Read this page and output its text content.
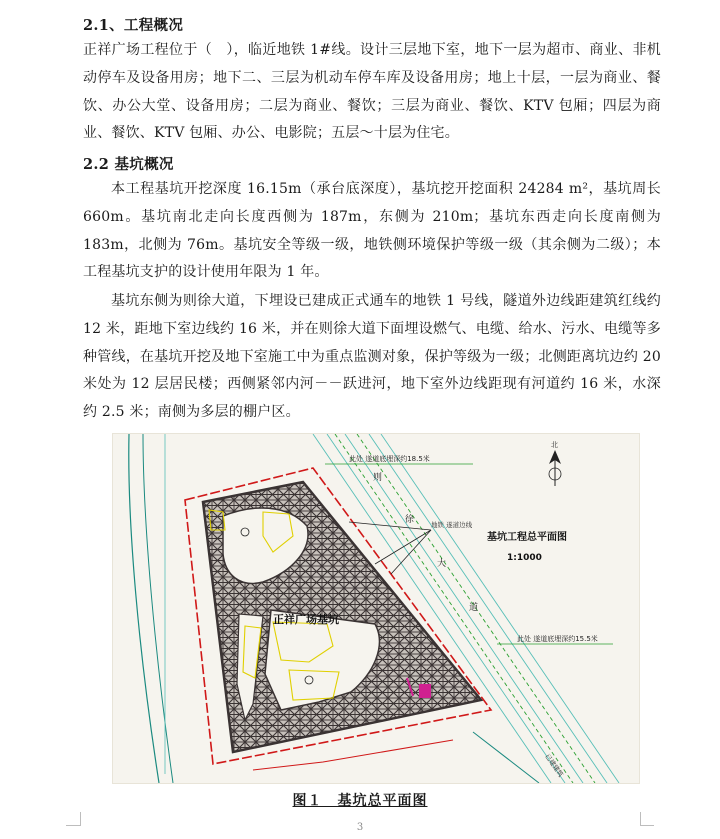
2.1、工程概况
正祥广场工程位于（　），临近地铁 1#线。设计三层地下室，地下一层为超市、商业、非机动停车及设备用房；地下二、三层为机动车停车库及设备用房；地上十层，一层为商业、餐饮、办公大堂、设备用房；二层为商业、餐饮；三层为商业、餐饮、KTV 包厢；四层为商业、餐饮、KTV 包厢、办公、电影院；五层～十层为住宅。
2.2 基坑概况
本工程基坑开挖深度 16.15m（承台底深度），基坑挖开挖面积 24284 m²，基坑周长 660m。基坑南北走向长度西侧为 187m，东侧为 210m；基坑东西走向长度南侧为 183m，北侧为 76m。基坑安全等级一级，地铁侧环境保护等级一级（其余侧为二级）；本工程基坑支护的设计使用年限为 1 年。
基坑东侧为则徐大道，下埋设已建成正式通车的地铁 1 号线，隧道外边线距建筑红线约 12 米，距地下室边线约 16 米，并在则徐大道下面埋设燃气、电缆、给水、污水、电缆等多种管线，在基坑开挖及地下室施工中为重点监测对象，保护等级为一级；北侧距离坑边约 20 米处为 12 层居民楼；西侧紧邻内河－－跃进河，地下室外边线距现有河道约 16 米，水深约 2.5 米；南侧为多层的棚户区。
此处 遂道底埋深约18.5米
此处 遂道底埋深约15.5米
地铁 遂道边线
基坑工程总平面图
1:1000
正祥广场基坑
则
徐
大
道
已建建筑
北
图１　基坑总平面图
3
